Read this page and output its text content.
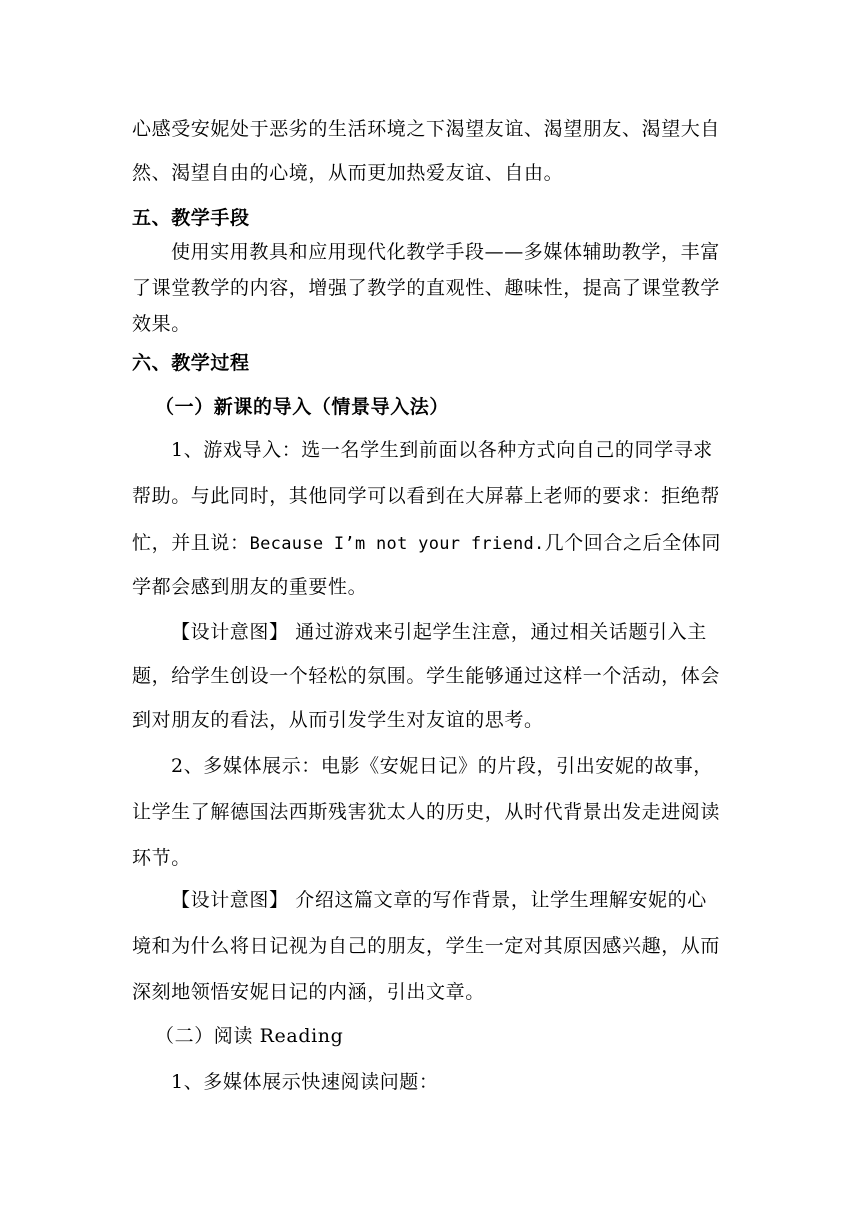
心感受安妮处于恶劣的生活环境之下渴望友谊、渴望朋友、渴望大自
然、渴望自由的心境，从而更加热爱友谊、自由。
五、教学手段
使用实用教具和应用现代化教学手段——多媒体辅助教学，丰富
了课堂教学的内容，增强了教学的直观性、趣味性，提高了课堂教学
效果。
六、教学过程
（一）新课的导入（情景导入法）
1、游戏导入：选一名学生到前面以各种方式向自己的同学寻求
帮助。与此同时，其他同学可以看到在大屏幕上老师的要求：拒绝帮
忙，并且说：Because I’m not your friend.几个回合之后全体同
学都会感到朋友的重要性。
【设计意图】 通过游戏来引起学生注意，通过相关话题引入主
题，给学生创设一个轻松的氛围。学生能够通过这样一个活动，体会
到对朋友的看法，从而引发学生对友谊的思考。
2、多媒体展示：电影《安妮日记》的片段，引出安妮的故事，
让学生了解德国法西斯残害犹太人的历史，从时代背景出发走进阅读
环节。
【设计意图】 介绍这篇文章的写作背景，让学生理解安妮的心
境和为什么将日记视为自己的朋友，学生一定对其原因感兴趣，从而
深刻地领悟安妮日记的内涵，引出文章。
（二）阅读 Reading
1、多媒体展示快速阅读问题：
